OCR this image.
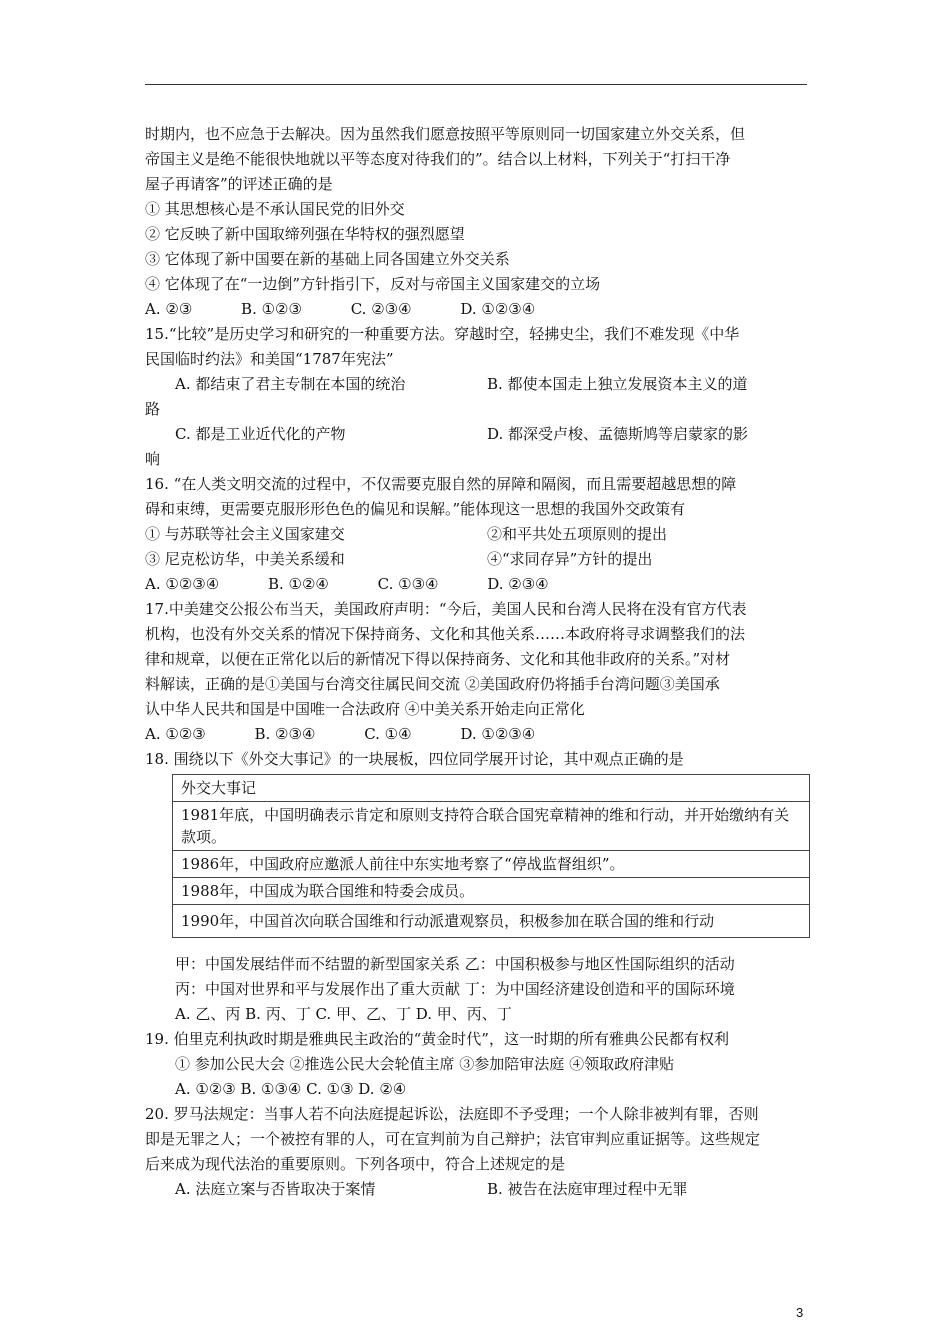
时期内，也不应急于去解决。因为虽然我们愿意按照平等原则同一切国家建立外交关系，但
帝国主义是绝不能很快地就以平等态度对待我们的”。结合以上材料，下列关于“打扫干净
屋子再请客”的评述正确的是
① 其思想核心是不承认国民党的旧外交
② 它反映了新中国取缔列强在华特权的强烈愿望
③ 它体现了新中国要在新的基础上同各国建立外交关系
④ 它体现了在“一边倒”方针指引下，反对与帝国主义国家建交的立场
A. ②③	B. ①②③	C. ②③④	D. ①②③④
15.“比较”是历史学习和研究的一种重要方法。穿越时空，轻拂史尘，我们不难发现《中华
民国临时约法》和美国“1787年宪法”
A. 都结束了君主专制在本国的统治	B. 都使本国走上独立发展资本主义的道
路
C. 都是工业近代化的产物	D. 都深受卢梭、孟德斯鸠等启蒙家的影
响
16. “在人类文明交流的过程中，不仅需要克服自然的屏障和隔阂，而且需要超越思想的障
碍和束缚，更需要克服形形色色的偏见和误解。”能体现这一思想的我国外交政策有
① 与苏联等社会主义国家建交	②和平共处五项原则的提出
③ 尼克松访华，中美关系缓和	④“求同存异”方针的提出
A. ①②③④	B. ①②④	C. ①③④	D. ②③④
17.中美建交公报公布当天，美国政府声明：“今后，美国人民和台湾人民将在没有官方代表
机构，也没有外交关系的情况下保持商务、文化和其他关系……本政府将寻求调整我们的法
律和规章，以便在正常化以后的新情况下得以保持商务、文化和其他非政府的关系。”对材
料解读，正确的是①美国与台湾交往属民间交流 ②美国政府仍将插手台湾问题③美国承
认中华人民共和国是中国唯一合法政府 ④中美关系开始走向正常化
A. ①②③	B. ②③④	C. ①④	D. ①②③④
18. 围绕以下《外交大事记》的一块展板，四位同学展开讨论，其中观点正确的是
外交大事记
1981年底，中国明确表示肯定和原则支持符合联合国宪章精神的维和行动，并开始缴纳有关款项。
1986年，中国政府应邀派人前往中东实地考察了“停战监督组织”。
1988年，中国成为联合国维和特委会成员。
1990年，中国首次向联合国维和行动派遣观察员，积极参加在联合国的维和行动
甲：中国发展结伴而不结盟的新型国家关系 乙：中国积极参与地区性国际组织的活动
丙：中国对世界和平与发展作出了重大贡献 丁：为中国经济建设创造和平的国际环境
A. 乙、丙 B. 丙、丁 C. 甲、乙、丁 D. 甲、丙、丁
19. 伯里克利执政时期是雅典民主政治的“黄金时代”，这一时期的所有雅典公民都有权利
① 参加公民大会 ②推选公民大会轮值主席 ③参加陪审法庭 ④领取政府津贴
A. ①②③ B. ①③④ C. ①③ D. ②④
20. 罗马法规定：当事人若不向法庭提起诉讼，法庭即不予受理；一个人除非被判有罪，否则
即是无罪之人；一个被控有罪的人，可在宣判前为自己辩护；法官审判应重证据等。这些规定
后来成为现代法治的重要原则。下列各项中，符合上述规定的是
A. 法庭立案与否皆取决于案情	B. 被告在法庭审理过程中无罪
3
